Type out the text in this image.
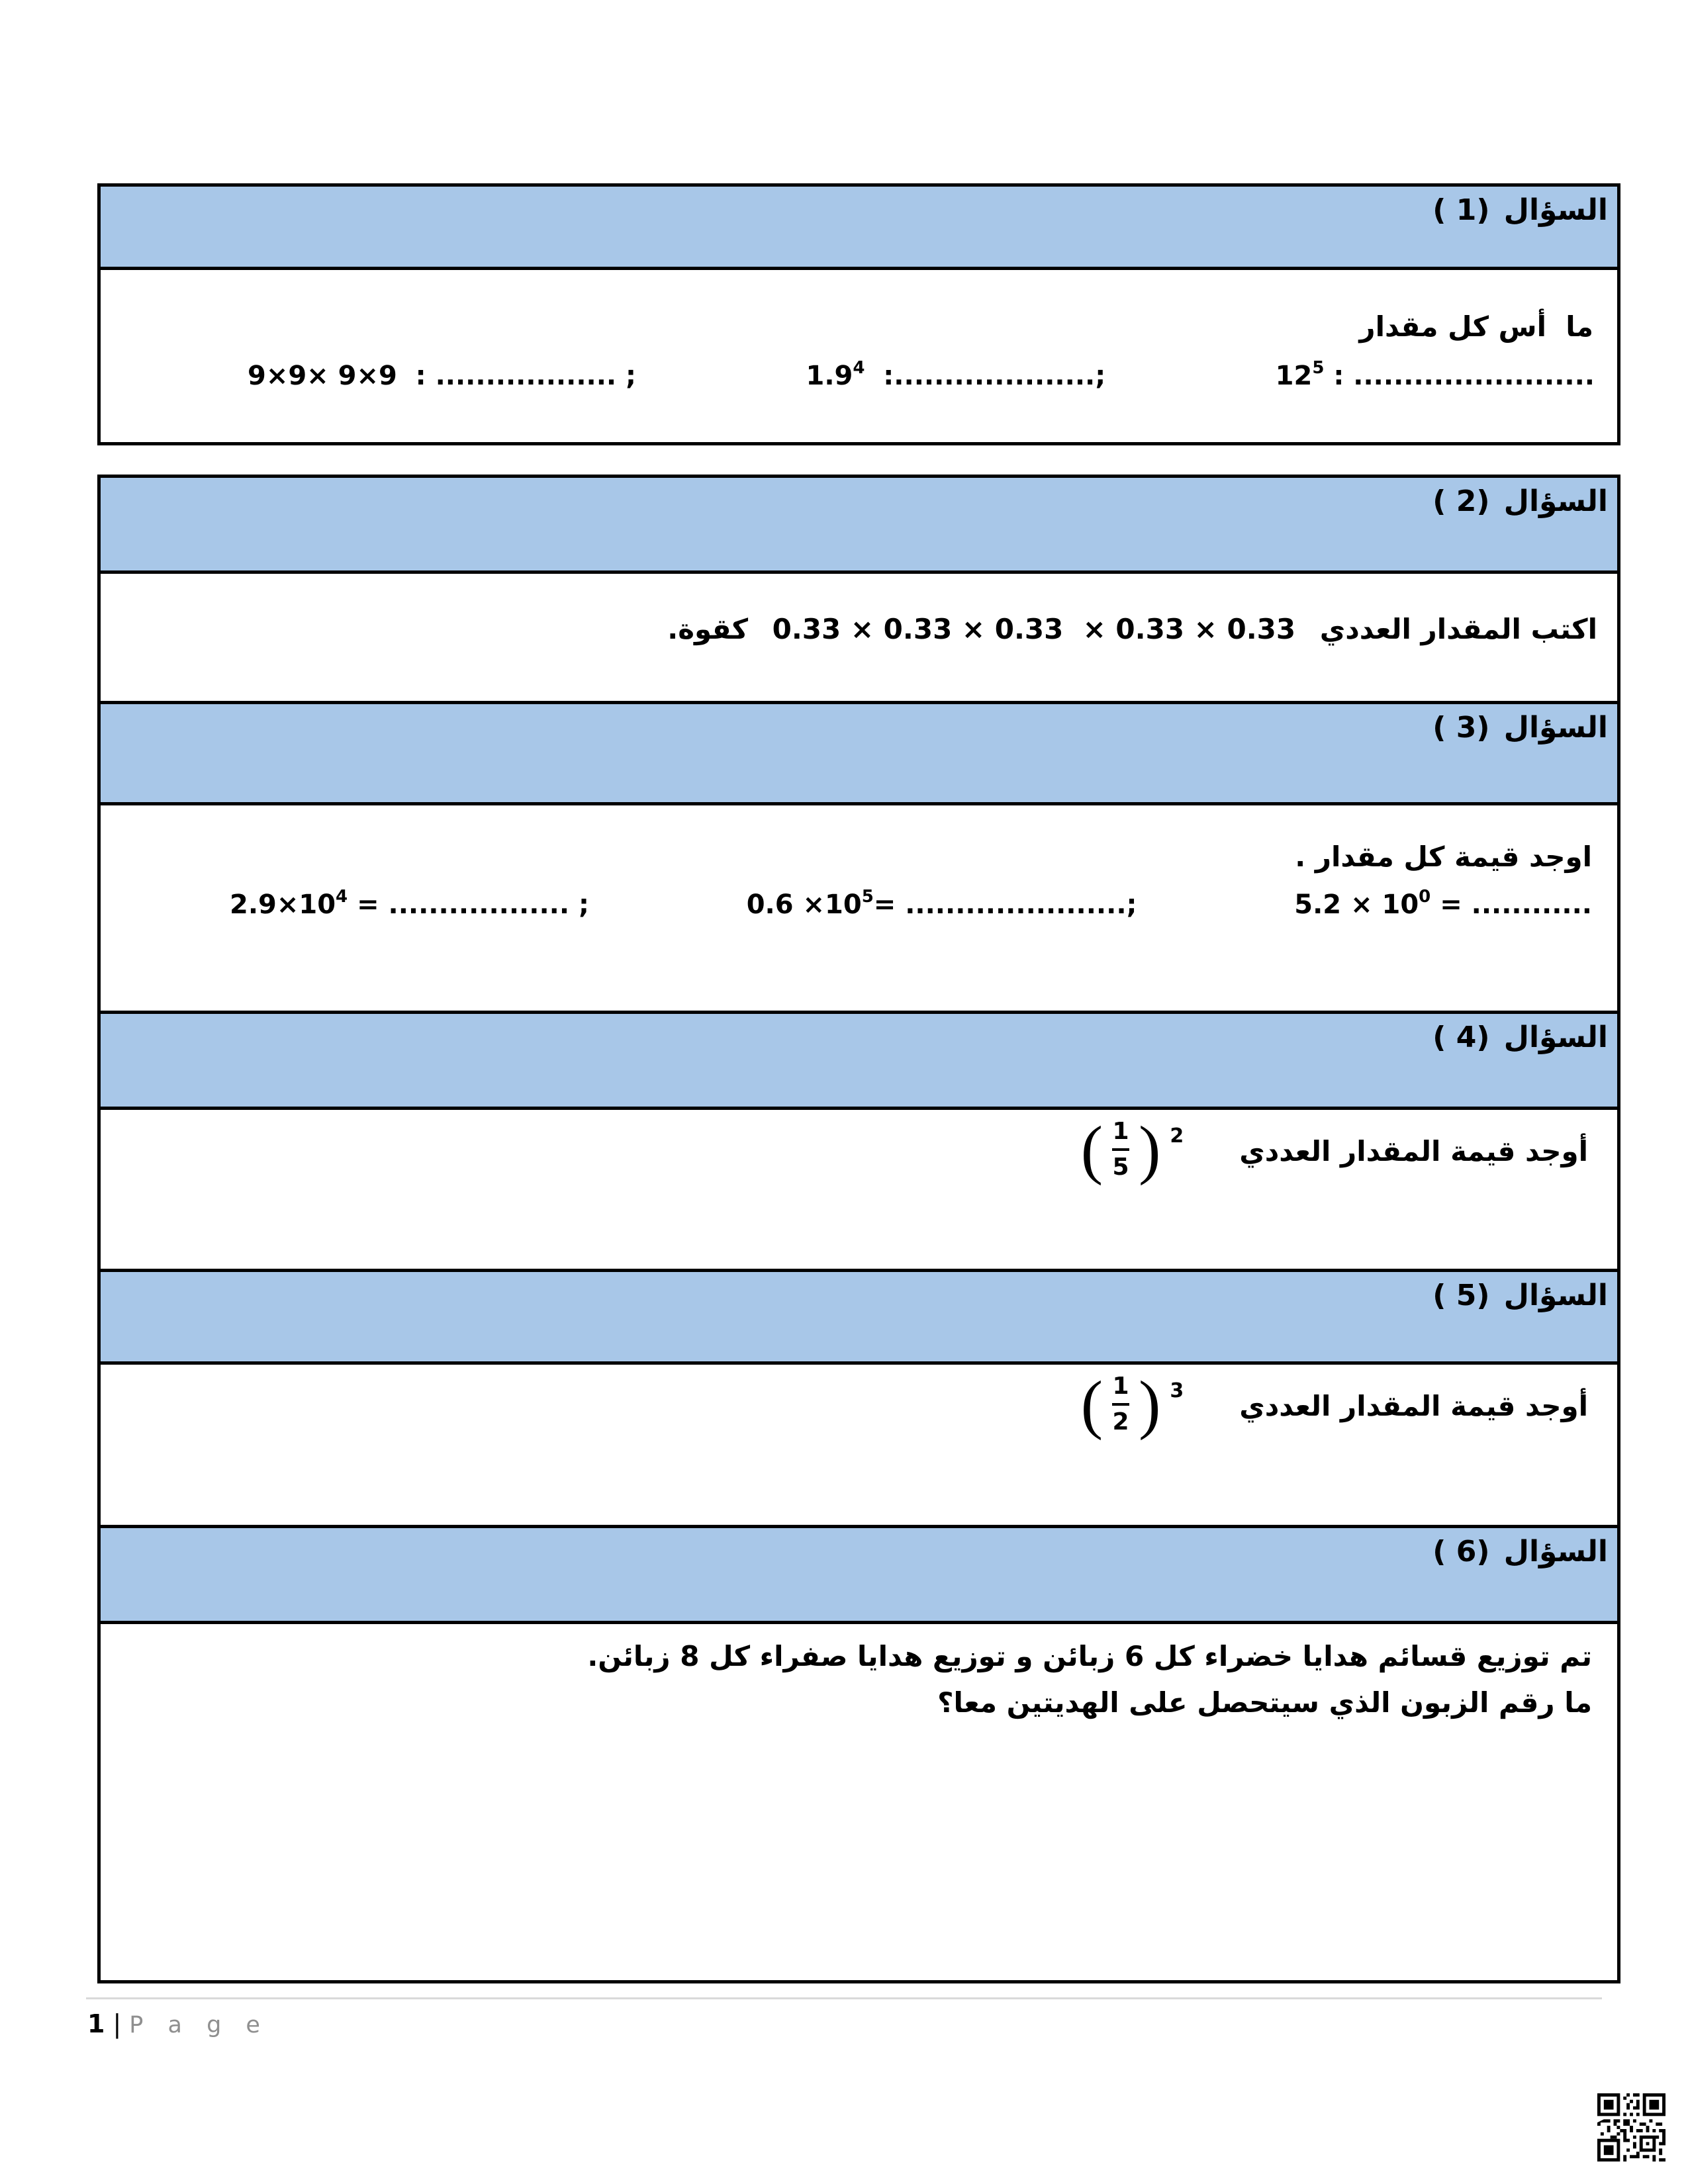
السؤال ( 1)
ما  أس كل مقدار
9×9× 9×9  : .................. ;	$1.9^4$  :....................;	$12^5$ : ........................
السؤال ( 2)
اكتب المقدار العددي 0.33 × 0.33 × 0.33  × 0.33 × 0.33 كقوة.
السؤال ( 3)
اوجد قيمة كل مقدار .
$2.9\times 10^4$ = .................. ;	$0.6 \times 10^5=$ ......................;	$5.2 \times 10^0$ = ............
السؤال ( 4)
أوجد قيمة المقدار العددي
( $\frac{1}{5}$ ) 2
السؤال ( 5)
أوجد قيمة المقدار العددي
( $\frac{1}{2}$ ) 3
السؤال ( 6)
تم توزيع قسائم هدايا خضراء كل 6 زبائن و توزيع هدايا صفراء كل 8 زبائن.
ما رقم الزبون الذي سيتحصل على الهديتين معا؟
1 | P a g e
